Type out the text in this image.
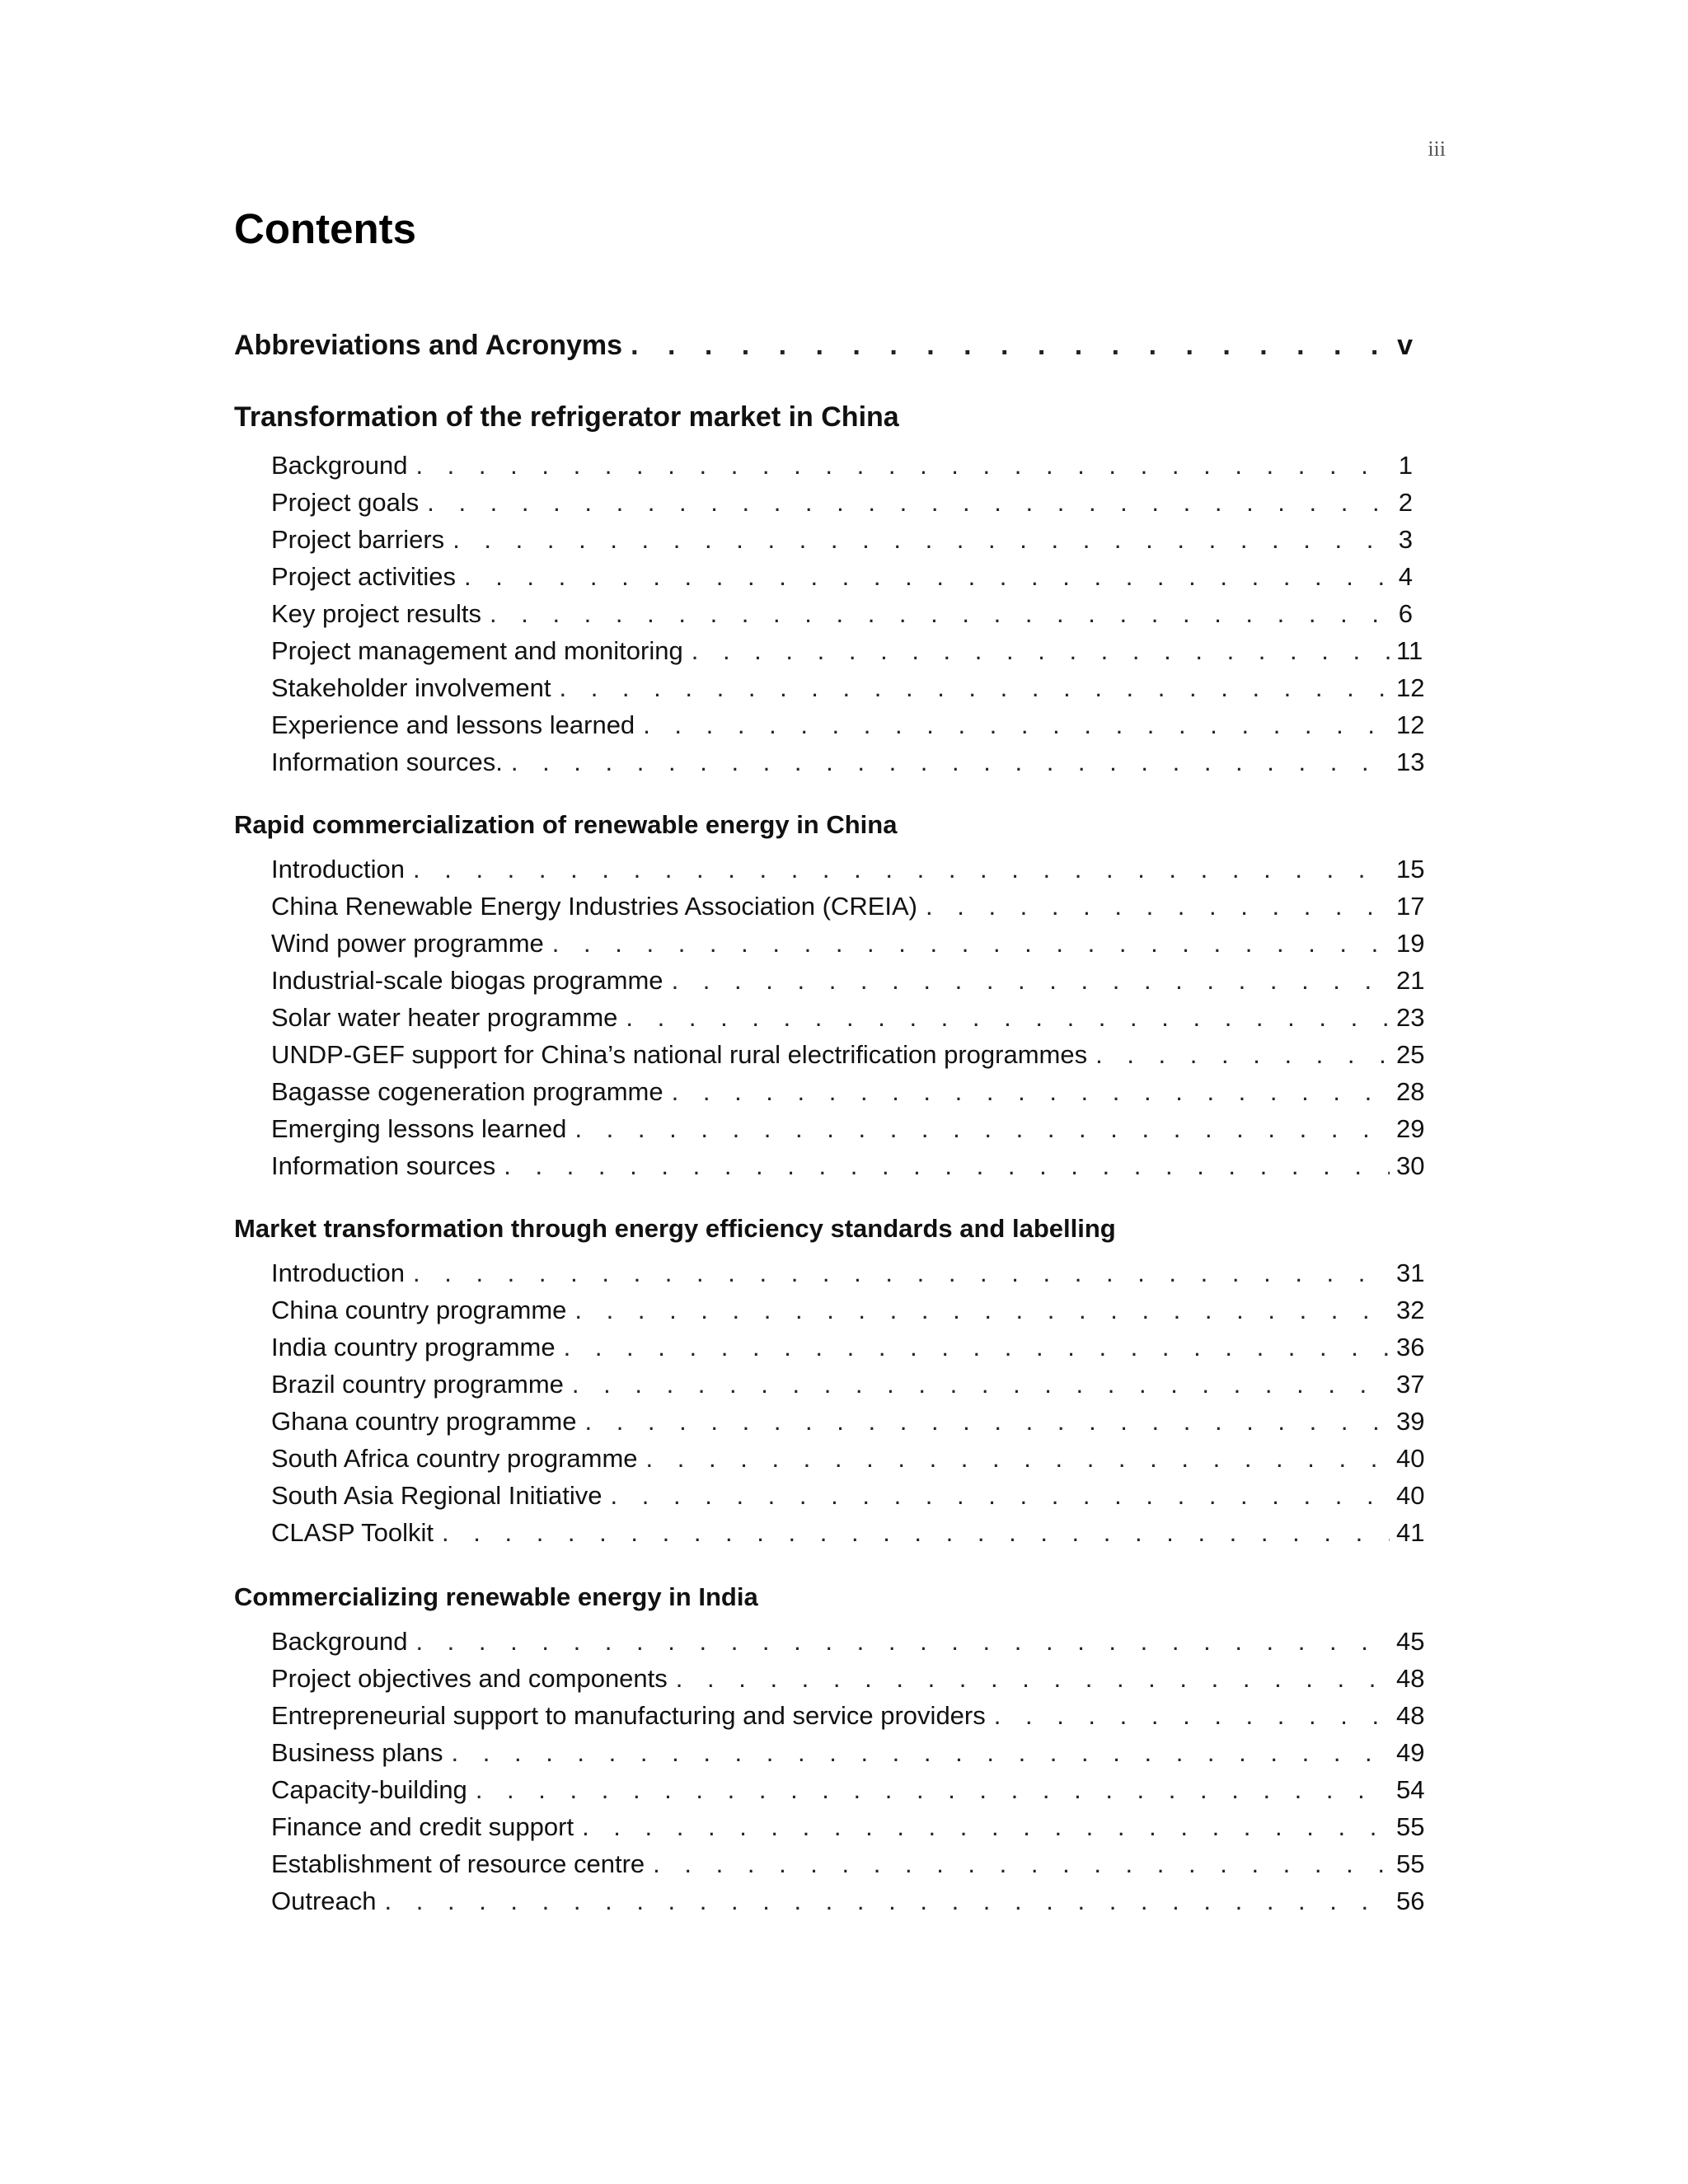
iii
Contents
Abbreviations and Acronyms . . .	v
Transformation of the refrigerator market in China
Background . . .	1
Project goals . . .	2
Project barriers . . .	3
Project activities . . .	4
Key project results . . .	6
Project management and monitoring . . .	11
Stakeholder involvement . . .	12
Experience and lessons learned . . .	12
Information sources. . . .	13
Rapid commercialization of renewable energy in China
Introduction . . .	15
China Renewable Energy Industries Association (CREIA) . . .	17
Wind power programme . . .	19
Industrial-scale biogas programme . . .	21
Solar water heater programme . . .	23
UNDP-GEF support for China’s national rural electrification programmes . . .	25
Bagasse cogeneration programme . . .	28
Emerging lessons learned . . .	29
Information sources . . .	30
Market transformation through energy efficiency standards and labelling
Introduction . . .	31
China country programme . . .	32
India country programme . . .	36
Brazil country programme . . .	37
Ghana country programme . . .	39
South Africa country programme . . .	40
South Asia Regional Initiative . . .	40
CLASP Toolkit . . .	41
Commercializing renewable energy in India
Background . . .	45
Project objectives and components . . .	48
Entrepreneurial support to manufacturing and service providers . . .	48
Business plans . . .	49
Capacity-building . . .	54
Finance and credit support . . .	55
Establishment of resource centre . . .	55
Outreach . . .	56
